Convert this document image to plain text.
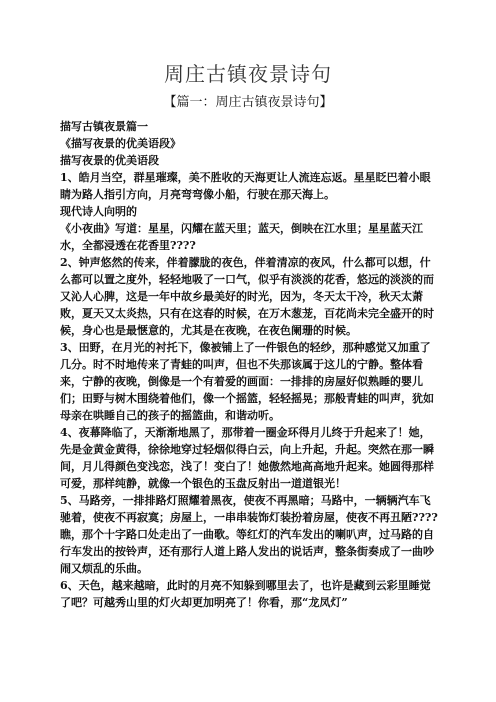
周庄古镇夜景诗句
【篇一：周庄古镇夜景诗句】

描写古镇夜景篇一

《描写夜景的优美语段》

描写夜景的优美语段

1、皓月当空，群星璀璨，美不胜收的天海更让人流连忘返。星星眨巴着小眼睛为路人指引方向，月亮弯弯像小船，行驶在那天海上。

现代诗人向明的

《小夜曲》写道：星星，闪耀在蓝天里；蓝天，倒映在江水里；星星蓝天江水，全都浸透在花香里????

2、钟声悠然的传来，伴着朦胧的夜色，伴着清凉的夜风，什么都可以想，什么都可以置之度外，轻轻地吸了一口气，似乎有淡淡的花香，悠远的淡淡的而又沁人心脾，这是一年中故乡最美好的时光，因为，冬天太干冷，秋天太萧败，夏天又太炎热，只有在这春的时候，在万木葱茏，百花尚未完全盛开的时候，身心也是最惬意的，尤其是在夜晚，在夜色阑珊的时候。

3、田野，在月光的衬托下，像被铺上了一件银色的轻纱，那种感觉又加重了几分。时不时地传来了青蛙的叫声，但也不失那该属于这儿的宁静。整体看来，宁静的夜晚，倒像是一个有着爱的画面：一排排的房屋好似熟睡的婴儿们；田野与树木围绕着他们，像一个摇篮，轻轻摇晃；那般青蛙的叫声，犹如母亲在哄睡自己的孩子的摇篮曲，和谐动听。

4、夜幕降临了，天渐渐地黑了，那带着一圈金环得月儿终于升起来了！她，先是金黄金黄得，徐徐地穿过轻烟似得白云，向上升起，升起。突然在那一瞬间，月儿得颜色变浅恋，浅了！变白了！她傲然地高高地升起来。她圆得那样可爱，那样纯静，就像一个银色的玉盘反射出一道道银光！

5、马路旁，一排排路灯照耀着黑夜，使夜不再黑暗；马路中，一辆辆汽车飞驰着，使夜不再寂寞；房屋上，一串串装饰灯装扮着房屋，使夜不再丑陋????瞧，那个十字路口处走出了一曲歌。等红灯的汽车发出的喇叭声，过马路的自行车发出的按铃声，还有那行人道上路人发出的说话声，整条街奏成了一曲吵闹又烦乱的乐曲。

6、天色，越来越暗，此时的月亮不知躲到哪里去了，也许是藏到云彩里睡觉了吧？可越秀山里的灯火却更加明亮了！你看，那“龙凤灯”
